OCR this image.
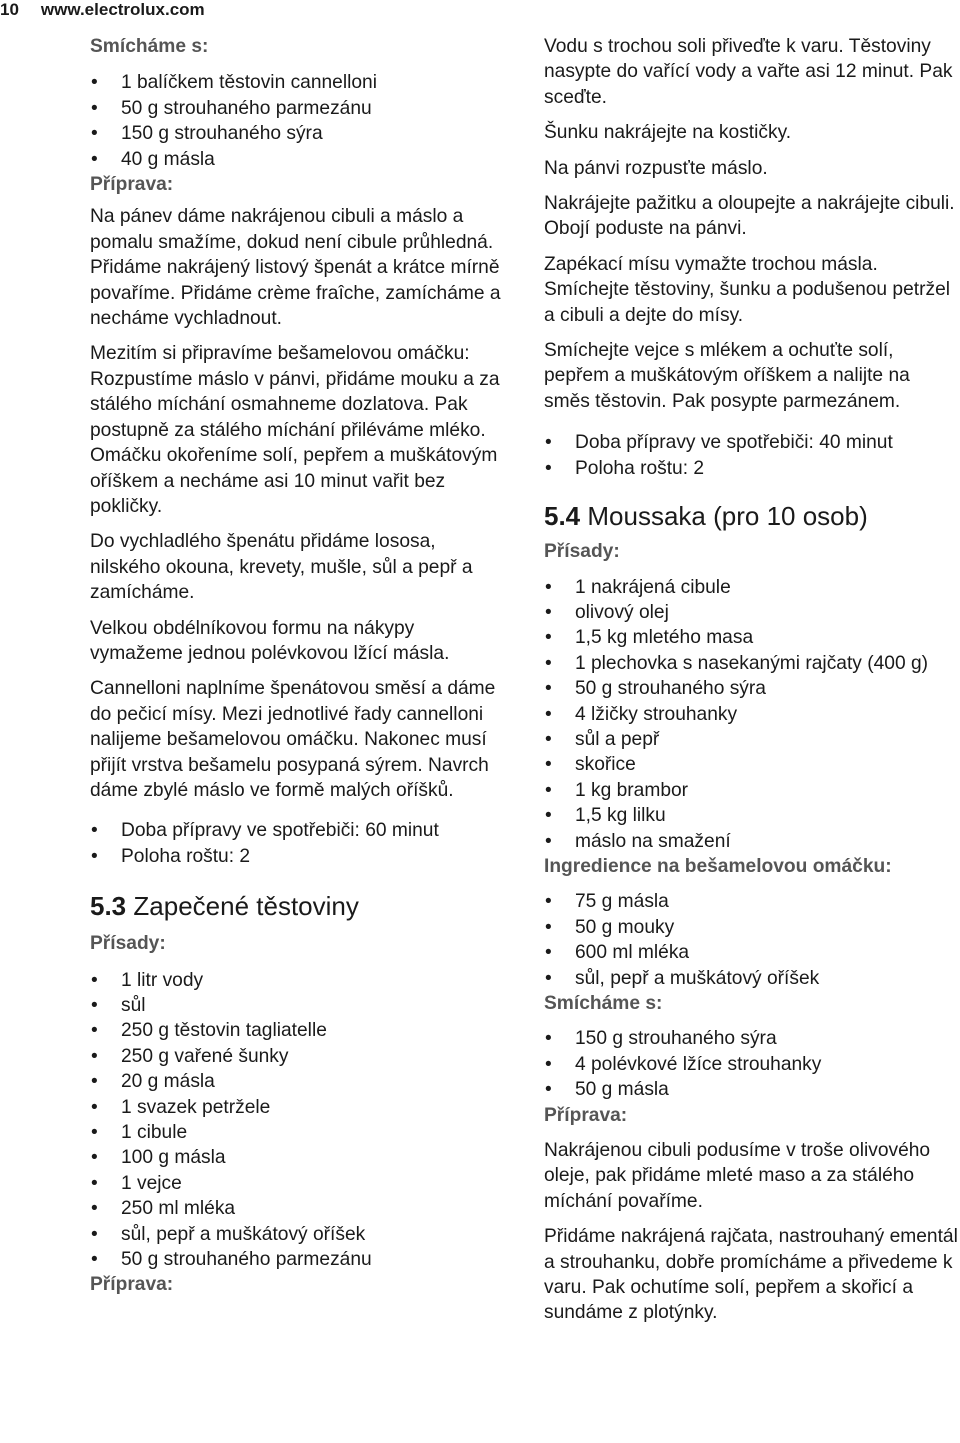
10 www.electrolux.com
Smícháme s:
• 1 balíčkem těstovin cannelloni
• 50 g strouhaného parmezánu
• 150 g strouhaného sýra
• 40 g másla
Příprava:

Na pánev dáme nakrájenou cibuli a máslo a pomalu smažíme, dokud není cibule průhledná. Přidáme nakrájený listový špenát a krátce mírně povaříme. Přidáme crème fraîche, zamícháme a necháme vychladnout.

Mezitím si připravíme bešamelovou omáčku: Rozpustíme máslo v pánvi, přidáme mouku a za stálého míchání osmahneme dozlatova. Pak postupně za stálého míchání přiléváme mléko. Omáčku okořeníme solí, pepřem a muškátovým oříškem a necháme asi 10 minut vařit bez pokličky.

Do vychladlého špenátu přidáme lososa, nilského okouna, krevety, mušle, sůl a pepř a zamícháme.

Velkou obdélníkovou formu na nákypy vymažeme jednou polévkovou lžící másla.

Cannelloni naplníme špenátovou směsí a dáme do pečicí mísy. Mezi jednotlivé řady cannelloni nalijeme bešamelovou omáčku. Nakonec musí přijít vrstva bešamelu posypaná sýrem. Navrch dáme zbylé máslo ve formě malých oříšků.

• Doba přípravy ve spotřebiči: 60 minut
• Poloha roštu: 2
5.3 Zapečené těstoviny
Přísady:
• 1 litr vody
• sůl
• 250 g těstovin tagliatelle
• 250 g vařené šunky
• 20 g másla
• 1 svazek petržele
• 1 cibule
• 100 g másla
• 1 vejce
• 250 ml mléka
• sůl, pepř a muškátový oříšek
• 50 g strouhaného parmezánu
Příprava:

Vodu s trochou soli přiveďte k varu. Těstoviny nasypte do vařící vody a vařte asi 12 minut. Pak sceďte.

Šunku nakrájejte na kostičky.

Na pánvi rozpusťte máslo.

Nakrájejte pažitku a oloupejte a nakrájejte cibuli. Obojí poduste na pánvi.

Zapékací mísu vymažte trochou másla. Smíchejte těstoviny, šunku a podušenou petržel a cibuli a dejte do mísy.

Smíchejte vejce s mlékem a ochuťte solí, pepřem a muškátovým oříškem a nalijte na směs těstovin. Pak posypte parmezánem.

• Doba přípravy ve spotřebiči: 40 minut
• Poloha roštu: 2
5.4 Moussaka (pro 10 osob)
Přísady:
• 1 nakrájená cibule
• olivový olej
• 1,5 kg mletého masa
• 1 plechovka s nasekanými rajčaty (400 g)
• 50 g strouhaného sýra
• 4 lžičky strouhanky
• sůl a pepř
• skořice
• 1 kg brambor
• 1,5 kg lilku
• máslo na smažení
Ingredience na bešamelovou omáčku:
• 75 g másla
• 50 g mouky
• 600 ml mléka
• sůl, pepř a muškátový oříšek
Smícháme s:
• 150 g strouhaného sýra
• 4 polévkové lžíce strouhanky
• 50 g másla
Příprava:

Nakrájenou cibuli podusíme v troše olivového oleje, pak přidáme mleté maso a za stálého míchání povaříme.

Přidáme nakrájená rajčata, nastrouhaný ementál a strouhanku, dobře promícháme a přivedeme k varu. Pak ochutíme solí, pepřem a skořicí a sundáme z plotýnky.
